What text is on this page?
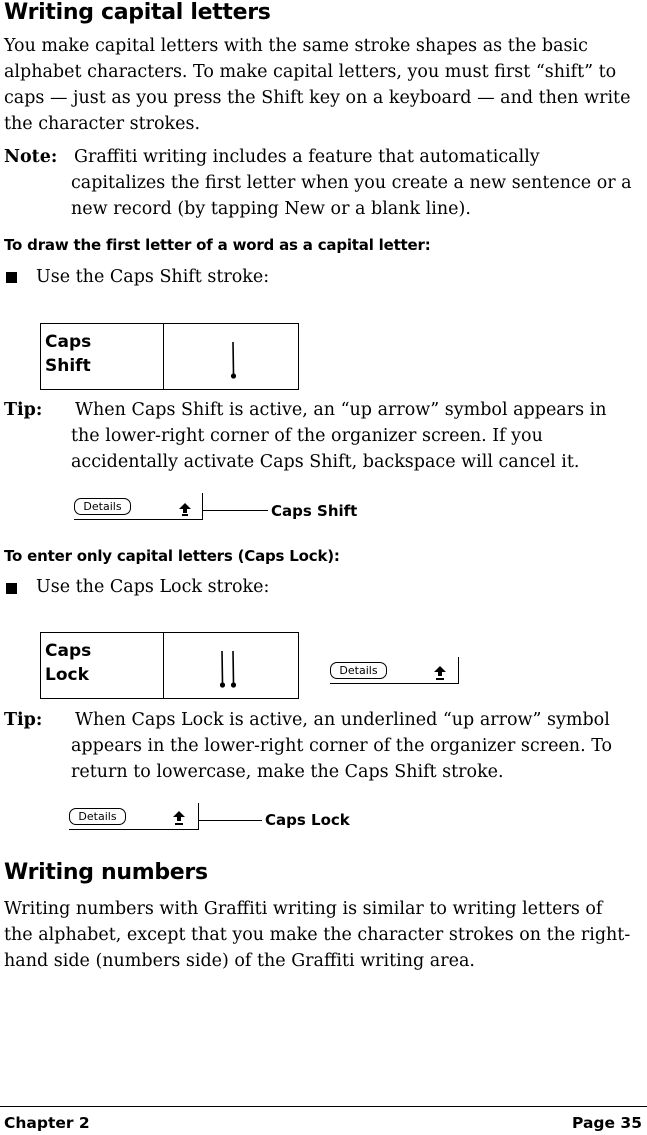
Writing capital letters
You make capital letters with the same stroke shapes as the basic
alphabet characters. To make capital letters, you must first “shift” to
caps — just as you press the Shift key on a keyboard — and then write
the character strokes.
Note: Graffiti writing includes a feature that automatically
capitalizes the first letter when you create a new sentence or a
new record (by tapping New or a blank line).
To draw the first letter of a word as a capital letter:
Use the Caps Shift stroke:
Caps
Shift
Tip: When Caps Shift is active, an “up arrow” symbol appears in
the lower-right corner of the organizer screen. If you
accidentally activate Caps Shift, backspace will cancel it.
Details	Caps Shift
To enter only capital letters (Caps Lock):
Use the Caps Lock stroke:
Caps
Lock	Details
Tip: When Caps Lock is active, an underlined “up arrow” symbol
appears in the lower-right corner of the organizer screen. To
return to lowercase, make the Caps Shift stroke.
Details	Caps Lock
Writing numbers
Writing numbers with Graffiti writing is similar to writing letters of
the alphabet, except that you make the character strokes on the right-
hand side (numbers side) of the Graffiti writing area.
Chapter 2	Page 35
